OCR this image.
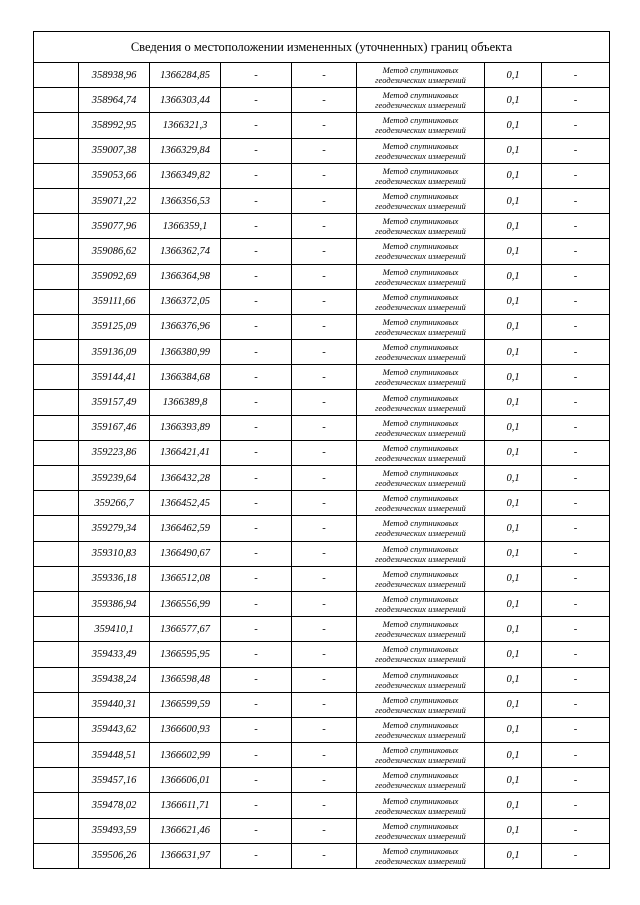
Сведения о местоположении измененных (уточненных) границ объекта							
	358938,96	1366284,85	-	-	Метод спутниковых
геодезических измерений	0,1	-
	358964,74	1366303,44	-	-	Метод спутниковых
геодезических измерений	0,1	-
	358992,95	1366321,3	-	-	Метод спутниковых
геодезических измерений	0,1	-
	359007,38	1366329,84	-	-	Метод спутниковых
геодезических измерений	0,1	-
	359053,66	1366349,82	-	-	Метод спутниковых
геодезических измерений	0,1	-
	359071,22	1366356,53	-	-	Метод спутниковых
геодезических измерений	0,1	-
	359077,96	1366359,1	-	-	Метод спутниковых
геодезических измерений	0,1	-
	359086,62	1366362,74	-	-	Метод спутниковых
геодезических измерений	0,1	-
	359092,69	1366364,98	-	-	Метод спутниковых
геодезических измерений	0,1	-
	359111,66	1366372,05	-	-	Метод спутниковых
геодезических измерений	0,1	-
	359125,09	1366376,96	-	-	Метод спутниковых
геодезических измерений	0,1	-
	359136,09	1366380,99	-	-	Метод спутниковых
геодезических измерений	0,1	-
	359144,41	1366384,68	-	-	Метод спутниковых
геодезических измерений	0,1	-
	359157,49	1366389,8	-	-	Метод спутниковых
геодезических измерений	0,1	-
	359167,46	1366393,89	-	-	Метод спутниковых
геодезических измерений	0,1	-
	359223,86	1366421,41	-	-	Метод спутниковых
геодезических измерений	0,1	-
	359239,64	1366432,28	-	-	Метод спутниковых
геодезических измерений	0,1	-
	359266,7	1366452,45	-	-	Метод спутниковых
геодезических измерений	0,1	-
	359279,34	1366462,59	-	-	Метод спутниковых
геодезических измерений	0,1	-
	359310,83	1366490,67	-	-	Метод спутниковых
геодезических измерений	0,1	-
	359336,18	1366512,08	-	-	Метод спутниковых
геодезических измерений	0,1	-
	359386,94	1366556,99	-	-	Метод спутниковых
геодезических измерений	0,1	-
	359410,1	1366577,67	-	-	Метод спутниковых
геодезических измерений	0,1	-
	359433,49	1366595,95	-	-	Метод спутниковых
геодезических измерений	0,1	-
	359438,24	1366598,48	-	-	Метод спутниковых
геодезических измерений	0,1	-
	359440,31	1366599,59	-	-	Метод спутниковых
геодезических измерений	0,1	-
	359443,62	1366600,93	-	-	Метод спутниковых
геодезических измерений	0,1	-
	359448,51	1366602,99	-	-	Метод спутниковых
геодезических измерений	0,1	-
	359457,16	1366606,01	-	-	Метод спутниковых
геодезических измерений	0,1	-
	359478,02	1366611,71	-	-	Метод спутниковых
геодезических измерений	0,1	-
	359493,59	1366621,46	-	-	Метод спутниковых
геодезических измерений	0,1	-
	359506,26	1366631,97	-	-	Метод спутниковых
геодезических измерений	0,1	-
